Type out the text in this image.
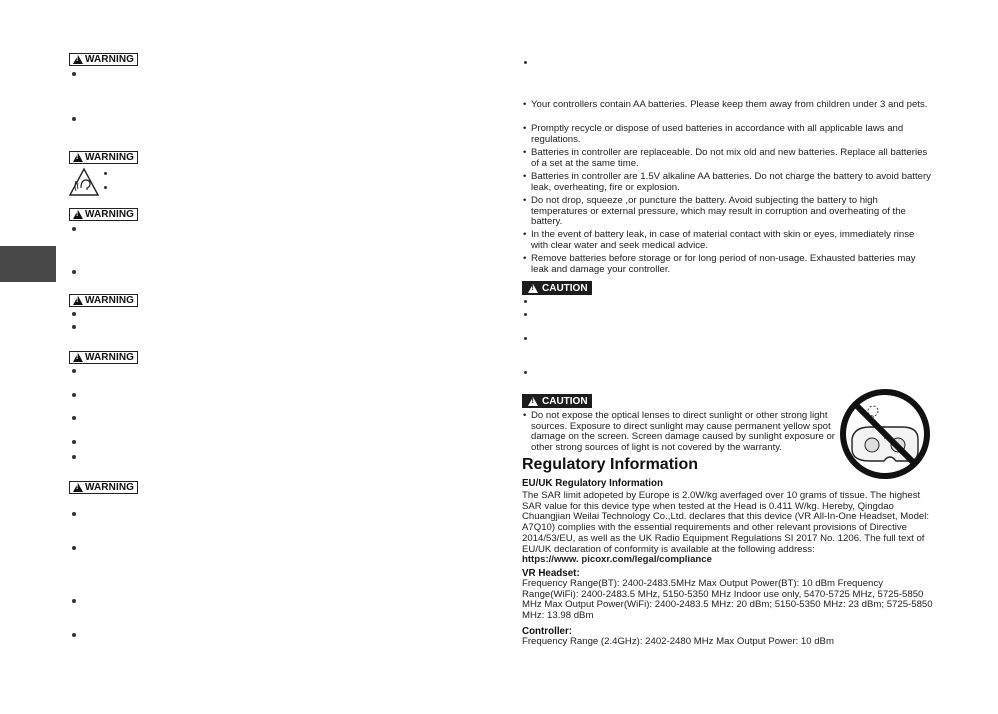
!
WARNING
!
WARNING
!
WARNING
!
WARNING
!
WARNING
!
WARNING
• Your controllers contain AA batteries. Please keep them away from children under 3 and pets.
• Promptly recycle or dispose of used batteries in accordance with all applicable laws and regulations.
• Batteries in controller are replaceable. Do not mix old and new batteries. Replace all batteries of a set at the same time.
• Batteries in controller are 1.5V alkaline AA batteries. Do not charge the battery to avoid battery leak, overheating, fire or explosion.
• Do not drop, squeeze ,or puncture the battery. Avoid subjecting the battery to high temperatures or external pressure, which may result in corruption and overheating of the battery.
• In the event of battery leak, in case of material contact with skin or eyes, immediately rinse with clear water and seek medical advice.
• Remove batteries before storage or for long period of non-usage. Exhausted batteries may leak and damage your controller.
!
CAUTION
!
CAUTION
• Do not expose the optical lenses to direct sunlight or other strong light sources. Exposure to direct sunlight may cause permanent yellow spot damage on the screen. Screen damage caused by sunlight exposure or other strong sources of light is not covered by the warranty.
Regulatory Information
EU/UK Regulatory Information
The SAR limit adopeted by Europe is 2.0W/kg averfaged over 10 grams of tissue. The highest SAR value for this device type when tested at the Head is 0.411 W/kg. Hereby, Qingdao Chuangjian Weilai Technology Co.,Ltd. declares that this device (VR All-In-One Headset, Model: A7Q10) complies with the essential requirements and other relevant provisions of Directive 2014/53/EU, as well as the UK Radio Equipment Regulations SI 2017 No. 1206. The full text of EU/UK declaration of conformity is available at the following address:
https://www. picoxr.com/legal/compliance
VR Headset:
Frequency Range(BT): 2400-2483.5MHz Max Output Power(BT): 10 dBm Frequency Range(WiFi): 2400-2483.5 MHz, 5150-5350 MHz Indoor use only, 5470-5725 MHz, 5725-5850 MHz Max Output Power(WiFi): 2400-2483.5 MHz: 20 dBm; 5150-5350 MHz: 23 dBm; 5725-5850 MHz: 13.98 dBm
Controller:
Frequency Range (2.4GHz): 2402-2480 MHz Max Output Power: 10 dBm
